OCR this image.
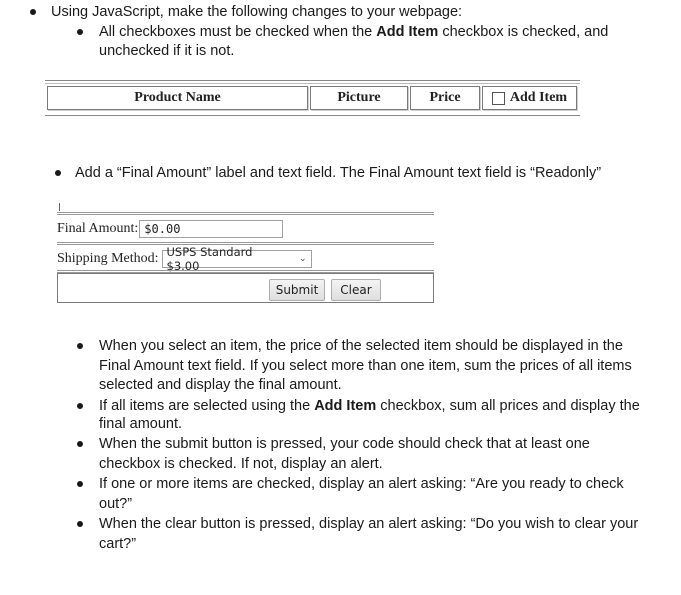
Using JavaScript, make the following changes to your webpage:
All checkboxes must be checked when the Add Item checkbox is checked, and
unchecked if it is not.
Product Name	Picture	Price	Add Item
Add a “Final Amount” label and text field. The Final Amount text field is “Readonly”
Final Amount:
$0.00
Shipping Method: USPS Standard $3.00	⌄
Submit	Clear
When you select an item, the price of the selected item should be displayed in the
Final Amount text field. If you select more than one item, sum the prices of all items
selected and display the final amount.
If all items are selected using the Add Item checkbox, sum all prices and display the
final amount.
When the submit button is pressed, your code should check that at least one
checkbox is checked. If not, display an alert.
If one or more items are checked, display an alert asking: “Are you ready to check
out?”
When the clear button is pressed, display an alert asking: “Do you wish to clear your
cart?”
